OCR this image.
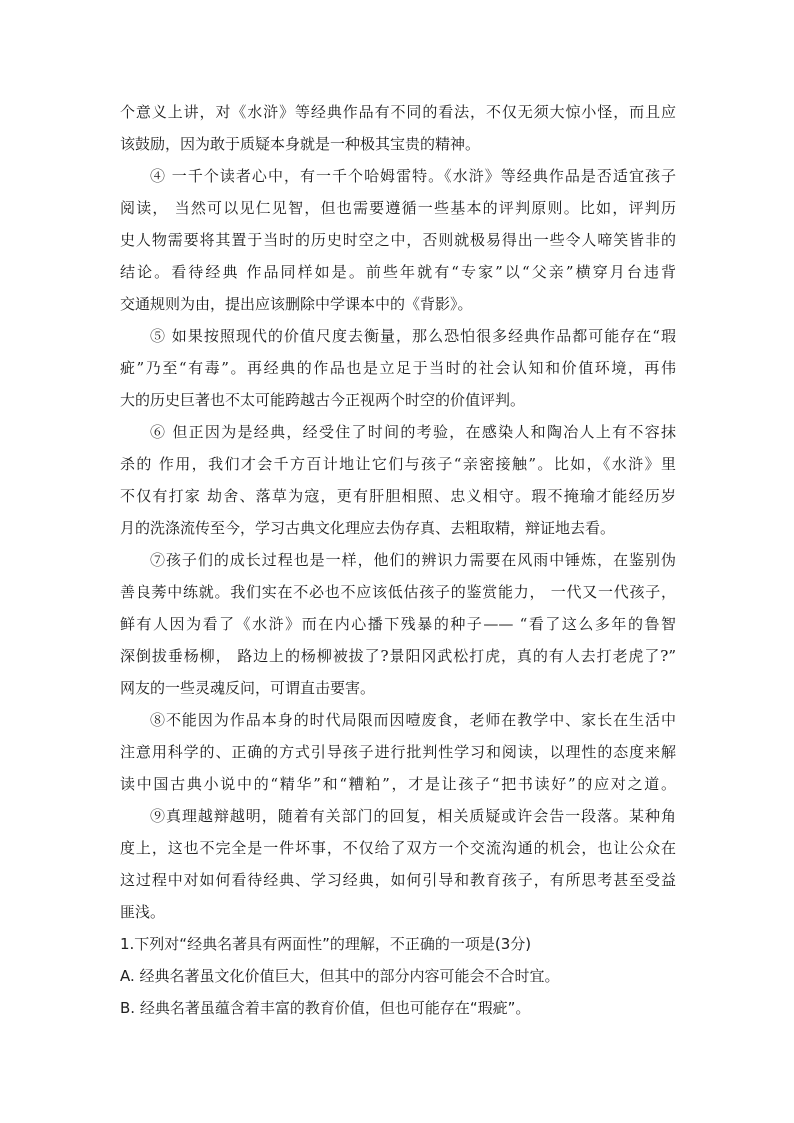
个意义上讲，对《水浒》等经典作品有不同的看法，不仅无须大惊小怪，而且应
该鼓励，因为敢于质疑本身就是一种极其宝贵的精神。
④ 一千个读者心中，有一千个哈姆雷特。《水浒》等经典作品是否适宜孩子
阅读， 当然可以见仁见智，但也需要遵循一些基本的评判原则。比如，评判历
史人物需要将其置于当时的历史时空之中，否则就极易得出一些令人啼笑皆非的
结论。看待经典 作品同样如是。前些年就有“专家”以“父亲”横穿月台违背
交通规则为由，提出应该删除中学课本中的《背影》。
⑤ 如果按照现代的价值尺度去衡量，那么恐怕很多经典作品都可能存在“瑕
疵”乃至“有毒”。再经典的作品也是立足于当时的社会认知和价值环境，再伟
大的历史巨著也不太可能跨越古今正视两个时空的价值评判。
⑥ 但正因为是经典，经受住了时间的考验，在感染人和陶冶人上有不容抹
杀的 作用，我们才会千方百计地让它们与孩子“亲密接触”。比如，《水浒》里
不仅有打家 劫舍、落草为寇，更有肝胆相照、忠义相守。瑕不掩瑜才能经历岁
月的洗涤流传至今，学习古典文化理应去伪存真、去粗取精，辩证地去看。
⑦孩子们的成长过程也是一样，他们的辨识力需要在风雨中锤炼，在鉴别伪
善良莠中练就。我们实在不必也不应该低估孩子的鉴赏能力， 一代又一代孩子，
鲜有人因为看了《水浒》而在内心播下残暴的种子—— “看了这么多年的鲁智
深倒拔垂杨柳， 路边上的杨柳被拔了?景阳冈武松打虎，真的有人去打老虎了?”
网友的一些灵魂反问，可谓直击要害。
⑧不能因为作品本身的时代局限而因噎废食，老师在教学中、家长在生活中
注意用科学的、正确的方式引导孩子进行批判性学习和阅读，以理性的态度来解
读中国古典小说中的“精华”和“糟粕”，才是让孩子“把书读好”的应对之道。
⑨真理越辩越明，随着有关部门的回复，相关质疑或许会告一段落。某种角
度上，这也不完全是一件坏事，不仅给了双方一个交流沟通的机会，也让公众在
这过程中对如何看待经典、学习经典，如何引导和教育孩子，有所思考甚至受益
匪浅。
1.下列对“经典名著具有两面性”的理解，不正确的一项是(3分)
A. 经典名著虽文化价值巨大，但其中的部分内容可能会不合时宜。
B. 经典名著虽蕴含着丰富的教育价值，但也可能存在“瑕疵”。
